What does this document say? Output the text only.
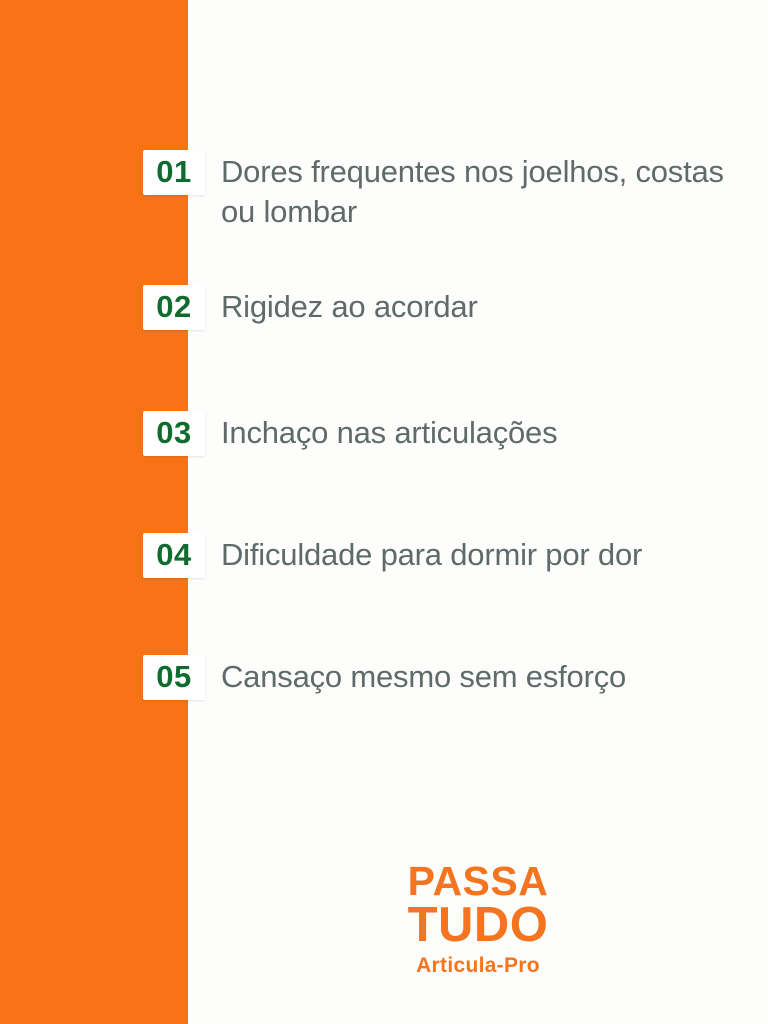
01 Dores frequentes nos joelhos, costas ou lombar
02 Rigidez ao acordar
03 Inchaço nas articulações
04 Dificuldade para dormir por dor
05 Cansaço mesmo sem esforço
PASSA
TUDO
Articula-Pro
